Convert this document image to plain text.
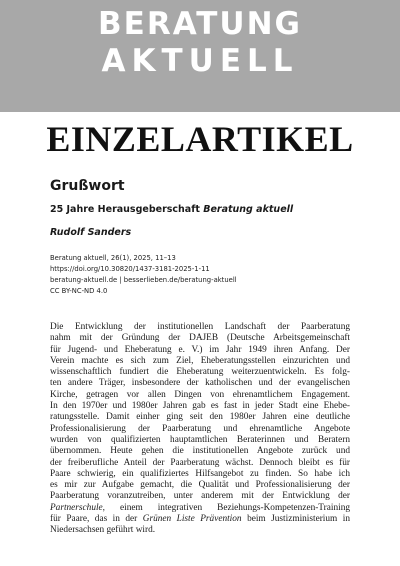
BERATUNG
AKTUELL
EINZELARTIKEL
Grußwort
25 Jahre Herausgeberschaft Beratung aktuell
Rudolf Sanders
Beratung aktuell, 26(1), 2025, 11–13
https://doi.org/10.30820/1437-3181-2025-1-11
beratung-aktuell.de | besserlieben.de/beratung-aktuell
CC BY-NC-ND 4.0
Die Entwicklung der institutionellen Landschaft der Paarberatung
nahm mit der Gründung der DAJEB (Deutsche Arbeitsgemeinschaft
für Jugend- und Eheberatung e. V.) im Jahr 1949 ihren Anfang. Der
Verein machte es sich zum Ziel, Eheberatungsstellen einzurichten und
wissenschaftlich fundiert die Eheberatung weiterzuentwickeln. Es folg-
ten andere Träger, insbesondere der katholischen und der evangelischen
Kirche, getragen vor allen Dingen von ehrenamtlichem Engagement.
In den 1970er und 1980er Jahren gab es fast in jeder Stadt eine Ehebe-
ratungsstelle. Damit einher ging seit den 1980er Jahren eine deutliche
Professionalisierung der Paarberatung und ehrenamtliche Angebote
wurden von qualifizierten hauptamtlichen Beraterinnen und Beratern
übernommen. Heute gehen die institutionellen Angebote zurück und
der freiberufliche Anteil der Paarberatung wächst. Dennoch bleibt es für
Paare schwierig, ein qualifiziertes Hilfsangebot zu finden. So habe ich
es mir zur Aufgabe gemacht, die Qualität und Professionalisierung der
Paarberatung voranzutreiben, unter anderem mit der Entwicklung der
Partnerschule, einem integrativen Beziehungs-Kompetenzen-Training
für Paare, das in der Grünen Liste Prävention beim Justizministerium in
Niedersachsen geführt wird.
